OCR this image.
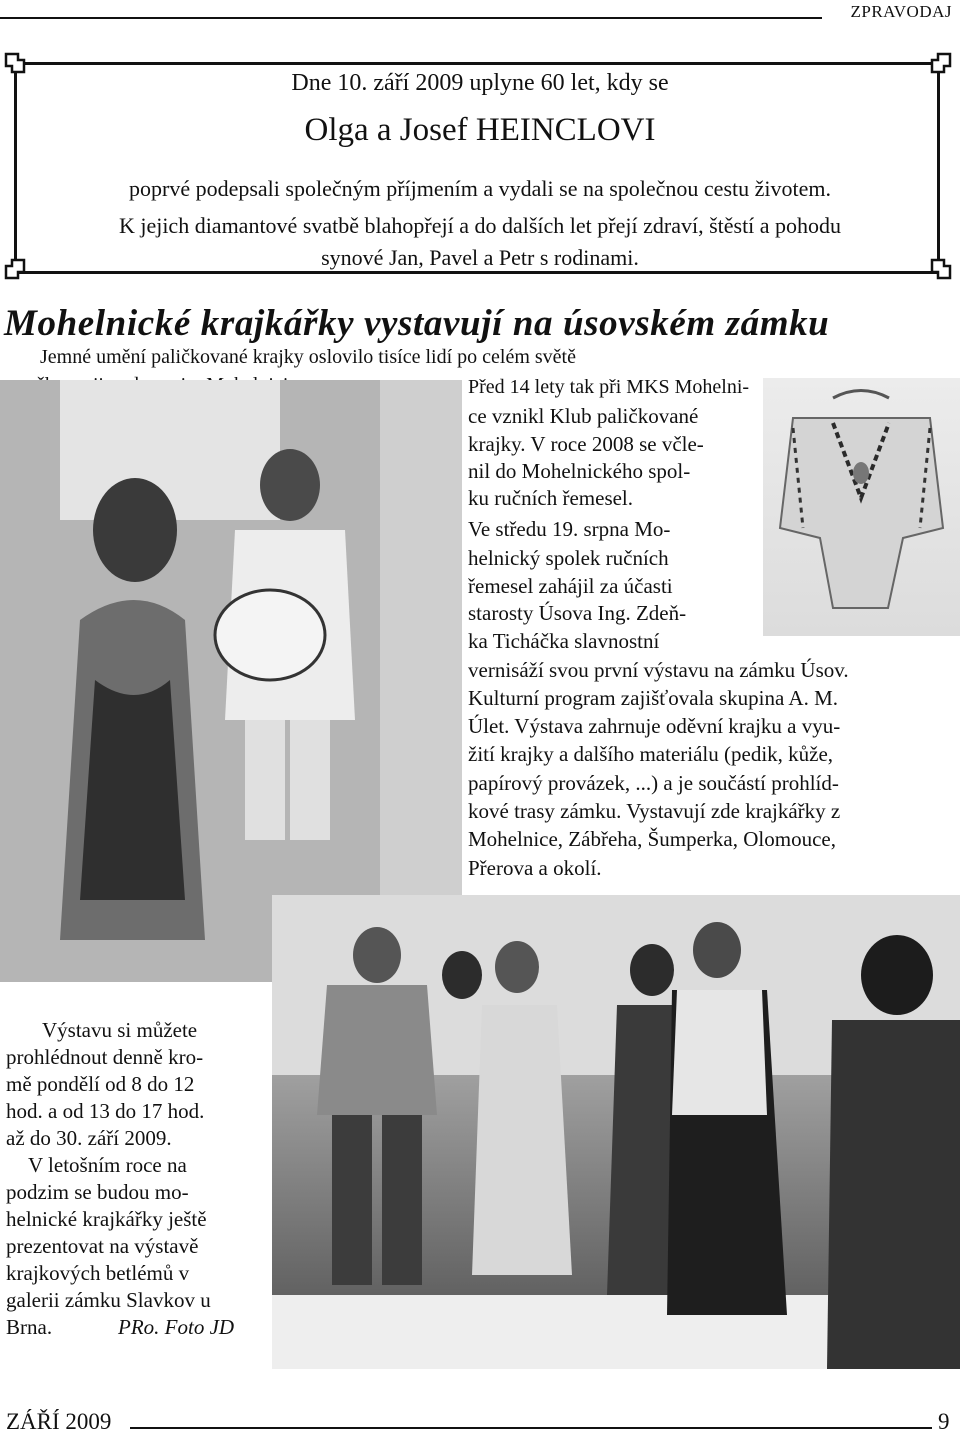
ZPRAVODAJ
Dne 10. září 2009 uplyne 60 let, kdy se
Olga a Josef HEINCLOVI
poprvé podepsali společným příjmením a vydali se na společnou cestu životem.
K jejich diamantové svatbě blahopřejí a do dalších let přejí zdraví, štěstí a pohodu
synové Jan, Pavel a Petr s rodinami.
Mohelnické krajkářky vystavují na úsovském zámku
Jemné umění paličkované krajky oslovilo tisíce lidí po celém světě
Před 14 lety tak při MKS Mohelni-
ce vznikl Klub paličkované
krajky. V roce 2008 se včle-
nil do Mohelnického spol-
ku ručních řemesel.
Ve středu 19. srpna Mo-
helnický spolek ručních
řemesel zahájil za účasti
starosty Úsova Ing. Zdeň-
ka Ticháčka slavnostní
vernisáží svou první výstavu na zámku Úsov.
Kulturní program zajišťovala skupina A. M.
Úlet. Výstava zahrnuje oděvní krajku a vyu-
žití krajky a dalšího materiálu (pedik, kůže,
papírový provázek, ...) a je součástí prohlíd-
kové trasy zámku. Vystavují zde krajkářky z
Mohelnice, Zábřeha, Šumperka, Olomouce,
Přerova a okolí.
Výstavu si můžete
prohlédnout denně kro-
mě pondělí od 8 do 12
hod. a od 13 do 17 hod.
až do 30. září 2009.
V letošním roce na
podzim se budou mo-
helnické krajkářky ještě
prezentovat na výstavě
krajkových betlémů v
galerii zámku Slavkov u
Brna.	PRo. Foto JD
ZÁŘÍ 2009	9
